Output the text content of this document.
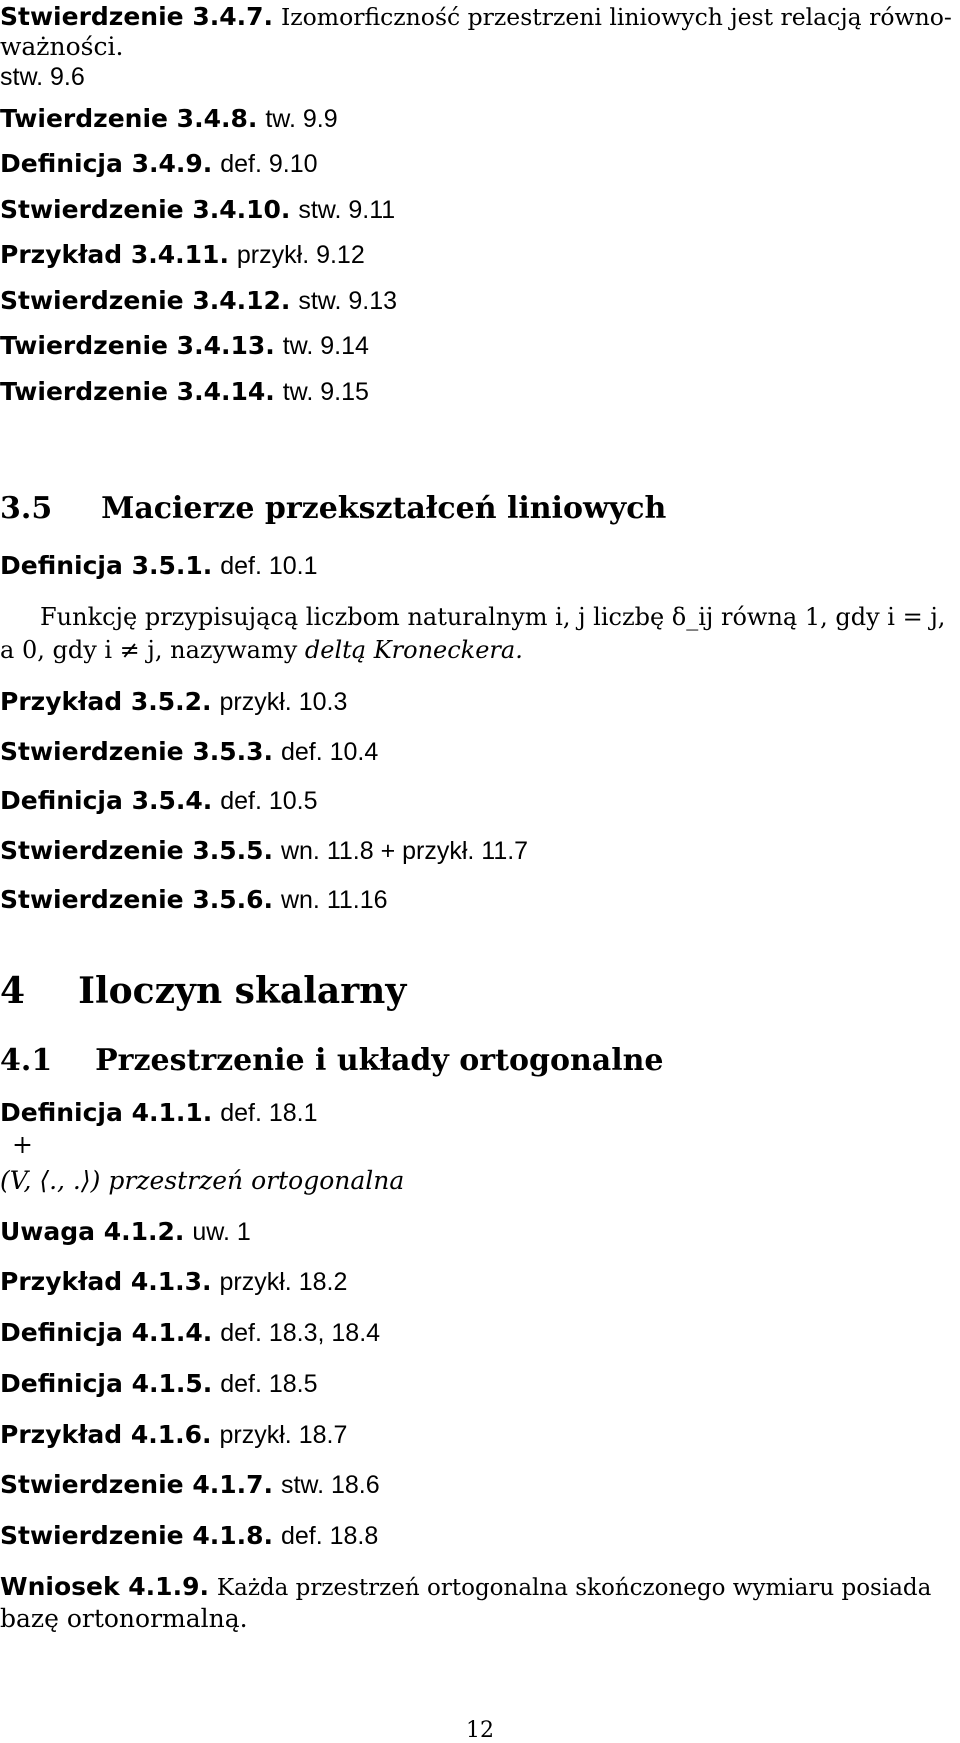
Stwierdzenie 3.4.7. Izomorficzność przestrzeni liniowych jest relacją równo-
ważności.
stw. 9.6
Twierdzenie 3.4.8. tw. 9.9
Definicja 3.4.9. def. 9.10
Stwierdzenie 3.4.10. stw. 9.11
Przykład 3.4.11. przykł. 9.12
Stwierdzenie 3.4.12. stw. 9.13
Twierdzenie 3.4.13. tw. 9.14
Twierdzenie 3.4.14. tw. 9.15
3.5 Macierze przekształceń liniowych
Definicja 3.5.1. def. 10.1
Funkcję przypisującą liczbom naturalnym i, j liczbę δ_ij równą 1, gdy i = j,
a 0, gdy i ≠ j, nazywamy deltą Kroneckera.
Przykład 3.5.2. przykł. 10.3
Stwierdzenie 3.5.3. def. 10.4
Definicja 3.5.4. def. 10.5
Stwierdzenie 3.5.5. wn. 11.8 + przykł. 11.7
Stwierdzenie 3.5.6. wn. 11.16
4 Iloczyn skalarny
4.1 Przestrzenie i układy ortogonalne
Definicja 4.1.1. def. 18.1
+
(V, ⟨., .⟩) przestrzeń ortogonalna
Uwaga 4.1.2. uw. 1
Przykład 4.1.3. przykł. 18.2
Definicja 4.1.4. def. 18.3, 18.4
Definicja 4.1.5. def. 18.5
Przykład 4.1.6. przykł. 18.7
Stwierdzenie 4.1.7. stw. 18.6
Stwierdzenie 4.1.8. def. 18.8
Wniosek 4.1.9. Każda przestrzeń ortogonalna skończonego wymiaru posiada
bazę ortonormalną.
12
